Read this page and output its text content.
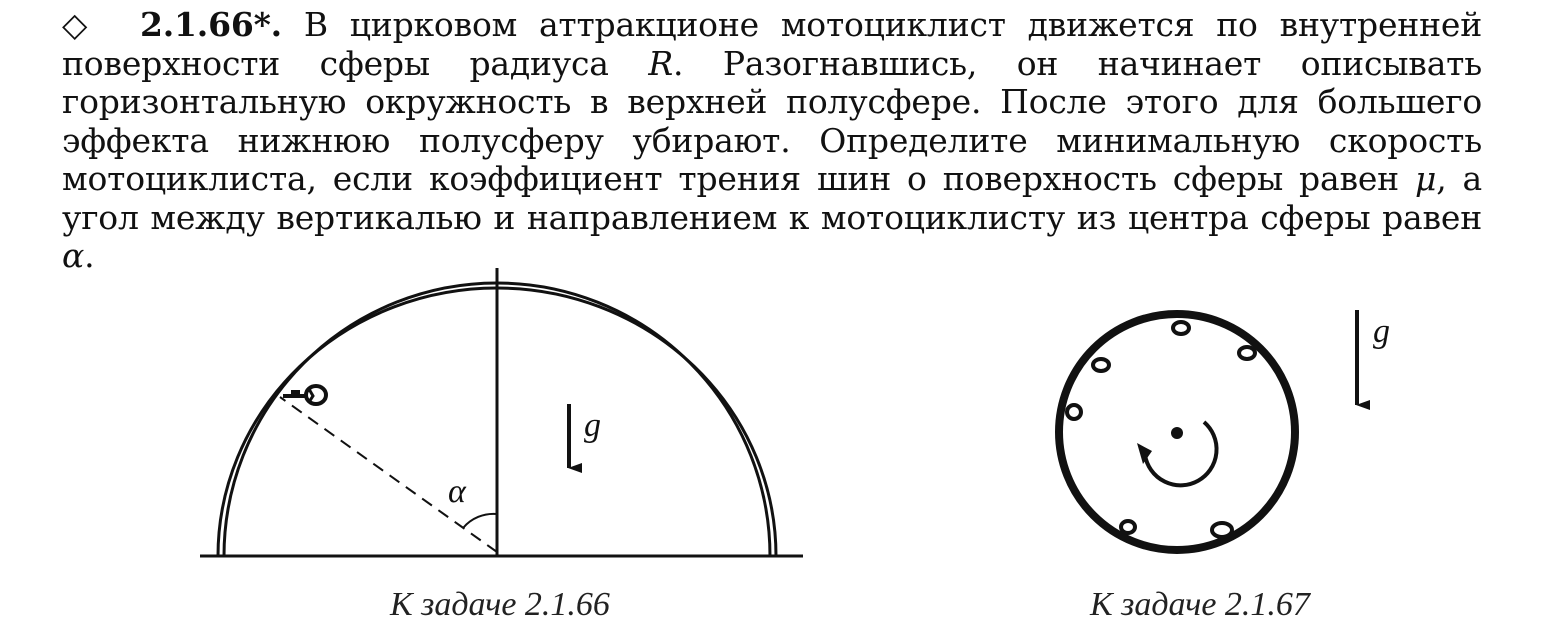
◇ 2.1.66*. В цирковом аттракционе мотоциклист движется по внутренней поверхности сферы радиуса R. Разогнавшись, он начинает описывать горизонтальную окружность в верхней полусфере. После этого для большего эффекта нижнюю полусферу убирают. Определите минимальную скорость мотоциклиста, если коэффициент трения шин о поверхность сферы равен μ, а угол между вертикалью и направлением к мотоциклисту из центра сферы равен α.

α
g
g
К задаче 2.1.66	К задаче 2.1.67
